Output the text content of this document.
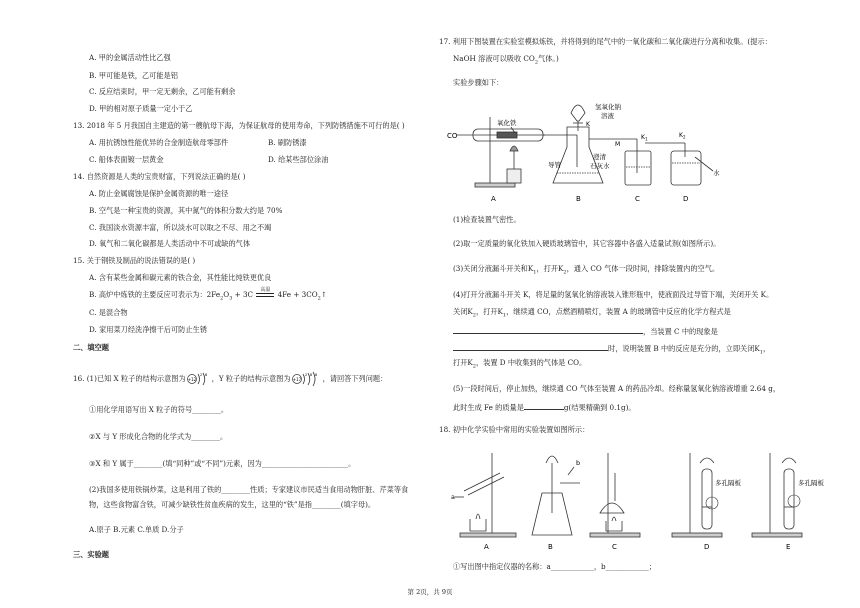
A. 甲的金属活动性比乙强
B. 甲可能是铁，乙可能是铝
C. 反应结束时，甲一定无剩余，乙可能有剩余
D. 甲的相对原子质量一定小于乙
13. 2018 年 5 月我国自主建造的第一艘航母下海，为保证航母的使用寿命，下列防锈措施不可行的是( )
A. 用抗锈蚀性能优异的合金制造航母零部件	B. 刷防锈漆
C. 船体表面镀一层黄金	D. 给某些部位涂油
14. 自然资源是人类的宝贵财富，下列说法正确的是( )
A. 防止金属腐蚀是保护金属资源的唯一途径
B. 空气是一种宝贵的资源，其中氮气的体积分数大约是 70%
C. 我国淡水资源丰富，所以淡水可以取之不尽、用之不竭
D. 氧气和二氧化碳都是人类活动中不可或缺的气体
15. 关于钢铁及制品的说法错误的是( )
A. 含有某些金属和碳元素的铁合金，其性能比纯铁更优良
B. 高炉中炼铁的主要反应可表示为：$2Fe_2O_3 + 3C$ 高温 $4Fe + 3CO_2↑$
C. 是混合物
D. 家用菜刀经洗净擦干后可防止生锈
二、填空题
16. (1)已知 X 粒子的结构示意图为 +12
2 8 ，Y 粒子的结构示意图为 +17
2 8 8 ，请回答下列问题：
①用化学用语写出 X 粒子的符号________。
②X 与 Y 形成化合物的化学式为________。
③X 和 Y 属于________(填“同种”或“不同”)元素，因为________________________。
(2)我国多使用铁锅炒菜，这是利用了铁的________性质；专家建议市民适当食用动物肝脏、芹菜等食
物，这些食物富含铁，可减少缺铁性贫血疾病的发生，这里的“铁”是指________(填字母)。
A.原子 B.元素 C.单质 D.分子
三、实验题
17. 利用下图装置在实验室模拟炼铁，并将得到的尾气中的一氧化碳和二氧化碳进行分离和收集。(提示：
NaOH 溶液可以吸收 $CO_2$气体。)
实验步骤如下：
CO
氧化铁
氢氧化钠
溶液
K
M
$K_1$	$K_2$
导管
澄清
石灰水
水
A	B	C	D
(1)检查装置气密性。
(2)取一定质量的氧化铁加入硬质玻璃管中，其它容器中各盛入适量试剂(如图所示)。
(3)关闭分液漏斗开关和$K_1$，打开$K_2$，通入 CO 气体一段时间，排除装置内的空气。
(4)打开分液漏斗开关 K，将足量的氢氧化钠溶液装入锥形瓶中，使液面没过导管下端，关闭开关 K。
关闭$K_2$，打开$K_1$，继续通 CO，点燃酒精喷灯，装置 A 的玻璃管中反应的化学方程式是
，当装置 C 中的现象是
时，说明装置 B 中的反应是充分的，立即关闭$K_1$，
打开$K_2$，装置 D 中收集到的气体是 CO。
(5)一段时间后，停止加热，继续通 CO 气体至装置 A 的药品冷却。经称量氢氧化钠溶液增重 2.64 g，
此时生成 Fe 的质量是	g(结果精确到 0.1g)。
18. 初中化学实验中常用的实验装置如图所示：
a
b
多孔隔板	多孔隔板
A	B	C	D	E
①写出图中指定仪器的名称：a____________，b____________；
第 2页，共 9页
